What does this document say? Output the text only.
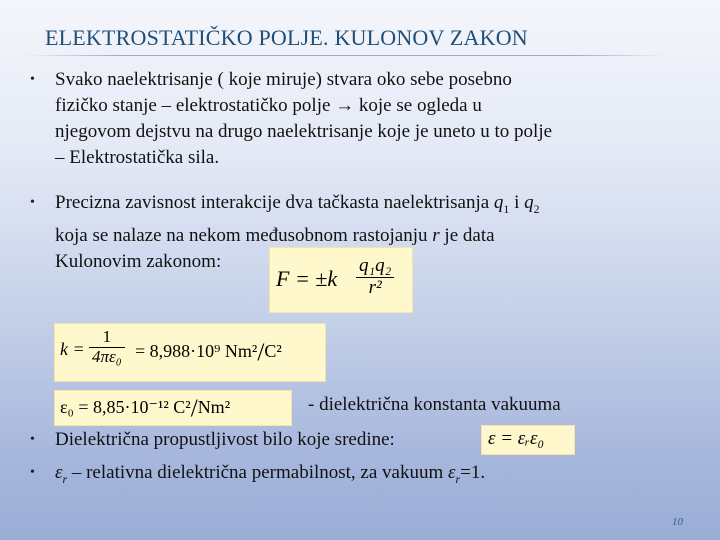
ELEKTROSTATIČKO POLJE. KULONOV ZAKON
• Svako naelektrisanje ( koje miruje) stvara oko sebe posebno
fizičko stanje – elektrostatičko polje → koje se ogleda u
njegovom dejstvu na drugo naelektrisanje koje je uneto u to polje
– Elektrostatička sila.
• Precizna zavisnost interakcije dva tačkasta naelektrisanja $q_1$ i $q_2$
koja se nalaze na nekom međusobnom rastojanju r je data
Kulonovim zakonom:
$F = \pm k \frac{\text{q₁q₂}}{\text{r²}}$
$k = \frac{1}{\text{4πε₀}} = 8,988\cdot 10^9$ Nm²/C²
ε₀ = 8,85·10⁻¹² C²/Nm²	- dielektrična konstanta vakuuma
• Dielektrična propustljivost bilo koje sredine:	ε = εᵣε₀
• $\varepsilon_r$ – relativna dielektrična permabilnost, za vakuum $\varepsilon_r=1$.
10
